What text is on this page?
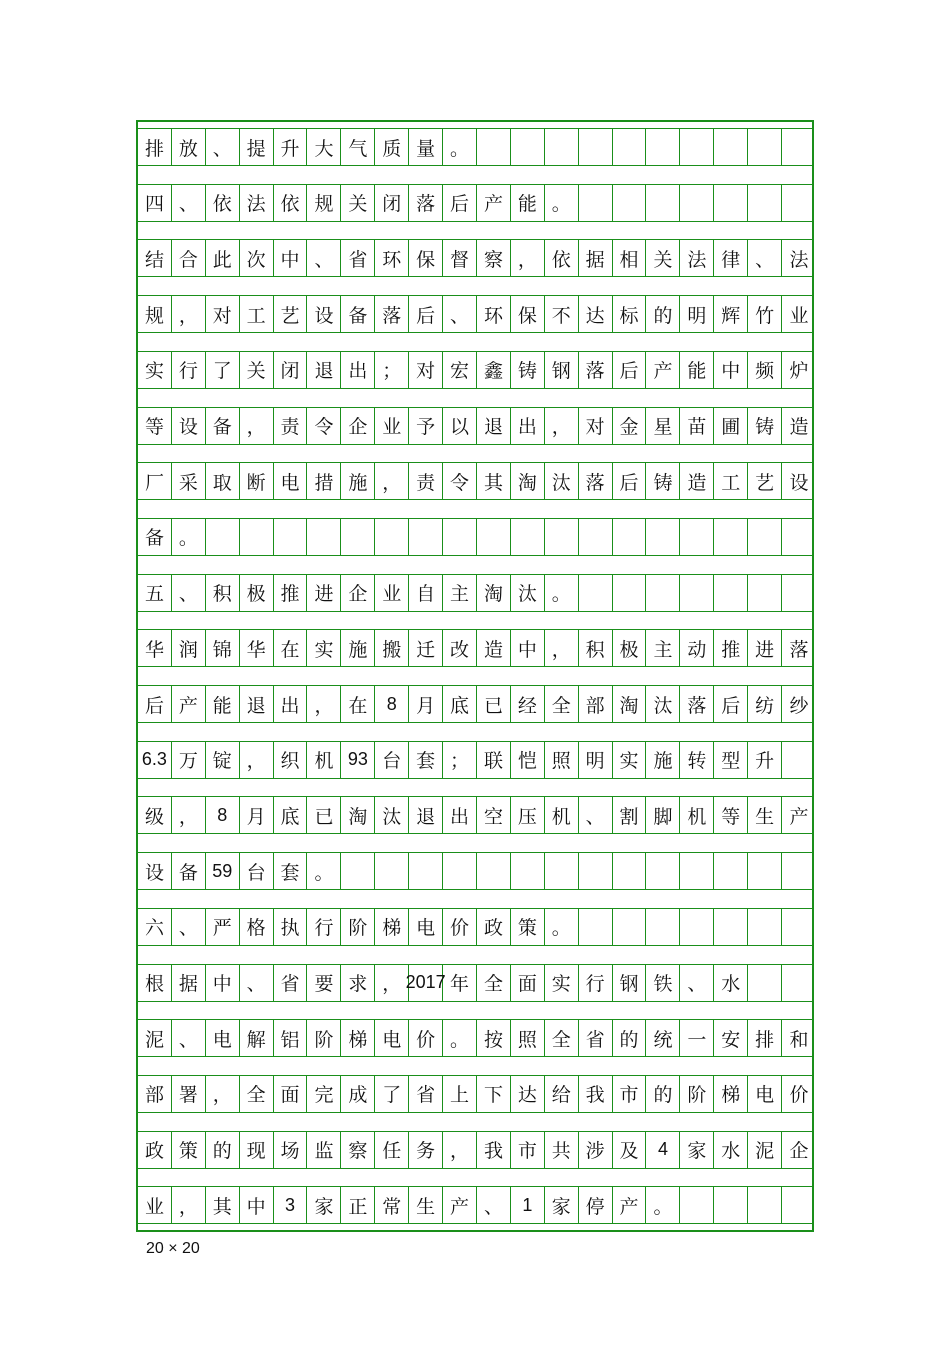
排 放 、 提 升 大 气 质 量 。
四 、 依 法 依 规 关 闭 落 后 产 能 。
结 合 此 次 中 、 省 环 保 督 察 ， 依 据 相 关 法 律 、 法
规 ， 对 工 艺 设 备 落 后 、 环 保 不 达 标 的 明 辉 竹 业
实 行 了 关 闭 退 出 ； 对 宏 鑫 铸 钢 落 后 产 能 中 频 炉
等 设 备 ， 责 令 企 业 予 以 退 出 ， 对 金 星 苗 圃 铸 造
厂 采 取 断 电 措 施 ， 责 令 其 淘 汰 落 后 铸 造 工 艺 设
备 。
五 、 积 极 推 进 企 业 自 主 淘 汰 。
华 润 锦 华 在 实 施 搬 迁 改 造 中 ， 积 极 主 动 推 进 落
后 产 能 退 出 ， 在	8	月 底 已 经 全 部 淘 汰 落 后 纺 纱
6.3 万 锭 ， 织 机 93 台 套 ； 联 恺 照 明 实 施 转 型 升
级 ，	8	月 底 已 淘 汰 退 出 空 压 机 、 割 脚 机 等 生 产
设 备 59 台 套 。
六 、 严 格 执 行 阶 梯 电 价 政 策 。
根 据 中 、 省 要 求 ， 2017 年 全 面 实 行 钢 铁 、 水
泥 、 电 解 铝 阶 梯 电 价 。 按 照 全 省 的 统 一 安 排 和
部 署 ， 全 面 完 成 了 省 上 下 达 给 我 市 的 阶 梯 电 价
政 策 的 现 场 监 察 任 务 ， 我 市 共 涉 及	4	家 水 泥 企
业 ， 其 中	3	家 正 常 生 产 、	1	家 停 产 。
20 × 20
